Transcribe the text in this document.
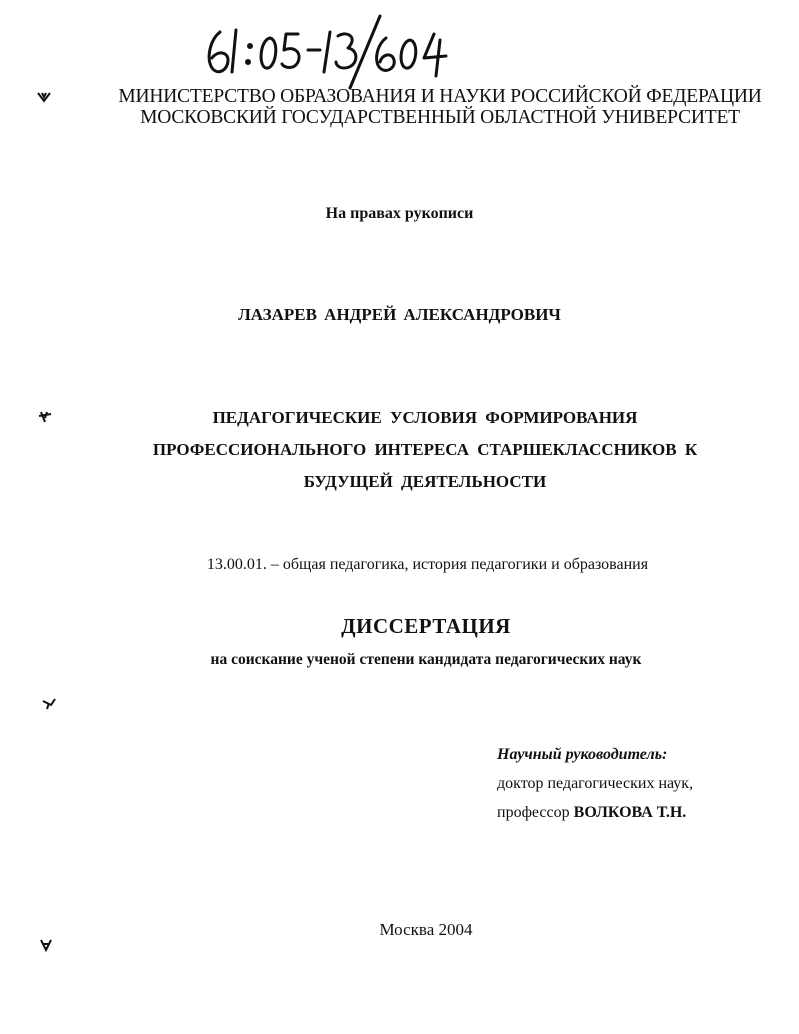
МИНИСТЕРСТВО ОБРАЗОВАНИЯ И НАУКИ РОССИЙСКОЙ ФЕДЕРАЦИИ
МОСКОВСКИЙ ГОСУДАРСТВЕННЫЙ ОБЛАСТНОЙ УНИВЕРСИТЕТ
На правах рукописи
ЛАЗАРЕВ АНДРЕЙ АЛЕКСАНДРОВИЧ
ПЕДАГОГИЧЕСКИЕ УСЛОВИЯ ФОРМИРОВАНИЯ
ПРОФЕССИОНАЛЬНОГО ИНТЕРЕСА СТАРШЕКЛАССНИКОВ К
БУДУЩЕЙ ДЕЯТЕЛЬНОСТИ
13.00.01. – общая педагогика, история педагогики и образования
ДИССЕРТАЦИЯ
на соискание ученой степени кандидата педагогических наук
Научный руководитель:
доктор педагогических наук,
профессор ВОЛКОВА Т.Н.
Москва 2004
